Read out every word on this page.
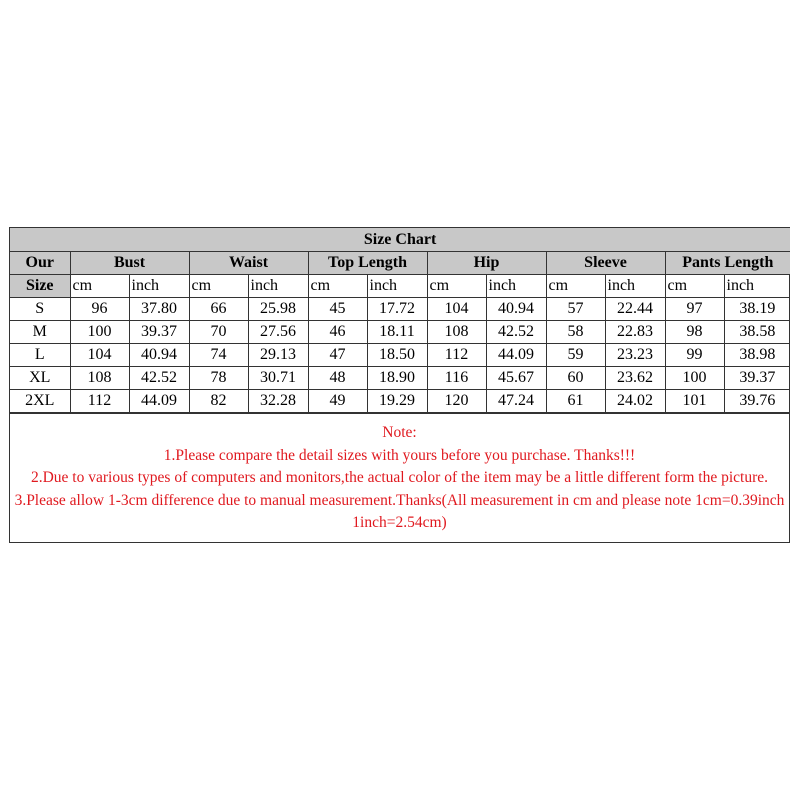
Size Chart												
Our	Bust		Waist		Top Length		Hip		Sleeve		Pants Length	
Size	cm	inch	cm	inch	cm	inch	cm	inch	cm	inch	cm	inch
S	96	37.80	66	25.98	45	17.72	104	40.94	57	22.44	97	38.19
M	100	39.37	70	27.56	46	18.11	108	42.52	58	22.83	98	38.58
L	104	40.94	74	29.13	47	18.50	112	44.09	59	23.23	99	38.98
XL	108	42.52	78	30.71	48	18.90	116	45.67	60	23.62	100	39.37
2XL	112	44.09	82	32.28	49	19.29	120	47.24	61	24.02	101	39.76
Note:
1.Please compare the detail sizes with yours before you purchase. Thanks!!!
2.Due to various types of computers and monitors,the actual color of the item may be a little different form the picture.
3.Please allow 1-3cm difference due to manual measurement.Thanks(All measurement in cm and please note 1cm=0.39inch 1inch=2.54cm)
